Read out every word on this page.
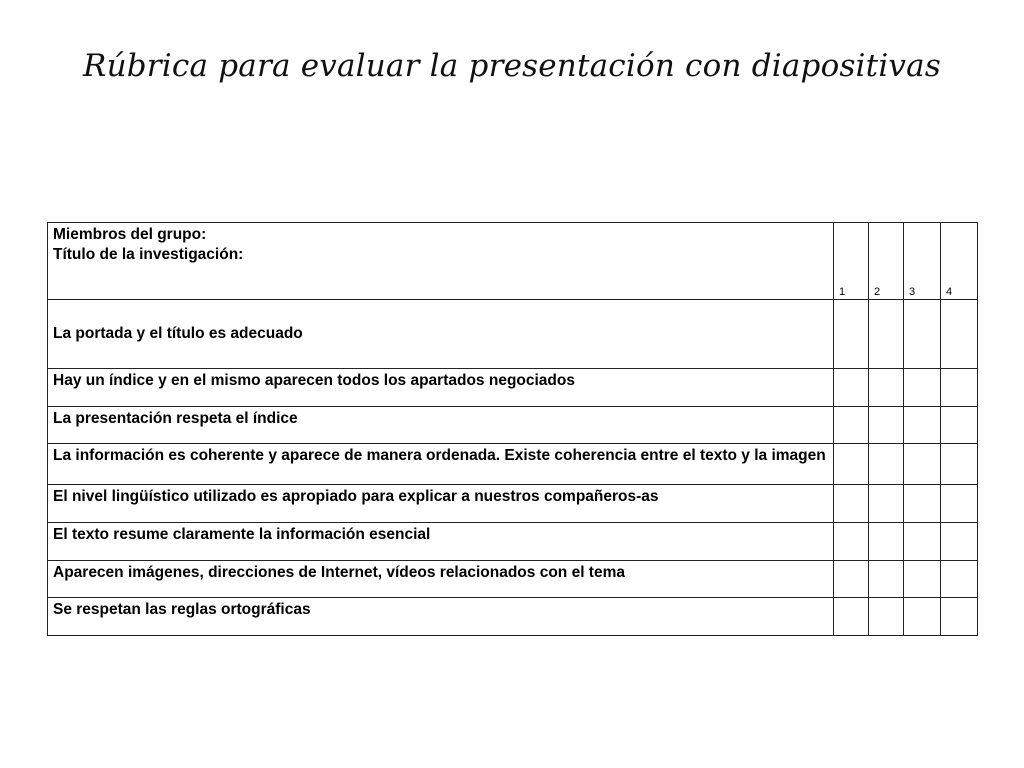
Rúbrica para evaluar la presentación con diapositivas
Miembros del grupo:
Título de la investigación:	1	2	3	4
La portada y el título es adecuado				
Hay un índice y en el mismo aparecen todos los apartados negociados				
La presentación respeta el índice				
La información es coherente y aparece de manera ordenada. Existe coherencia entre el texto y la imagen				
El nivel lingüístico utilizado es apropiado para explicar a nuestros compañeros-as				
El texto resume claramente la información esencial				
Aparecen imágenes, direcciones de Internet, vídeos relacionados con el tema				
Se respetan las reglas ortográficas				
